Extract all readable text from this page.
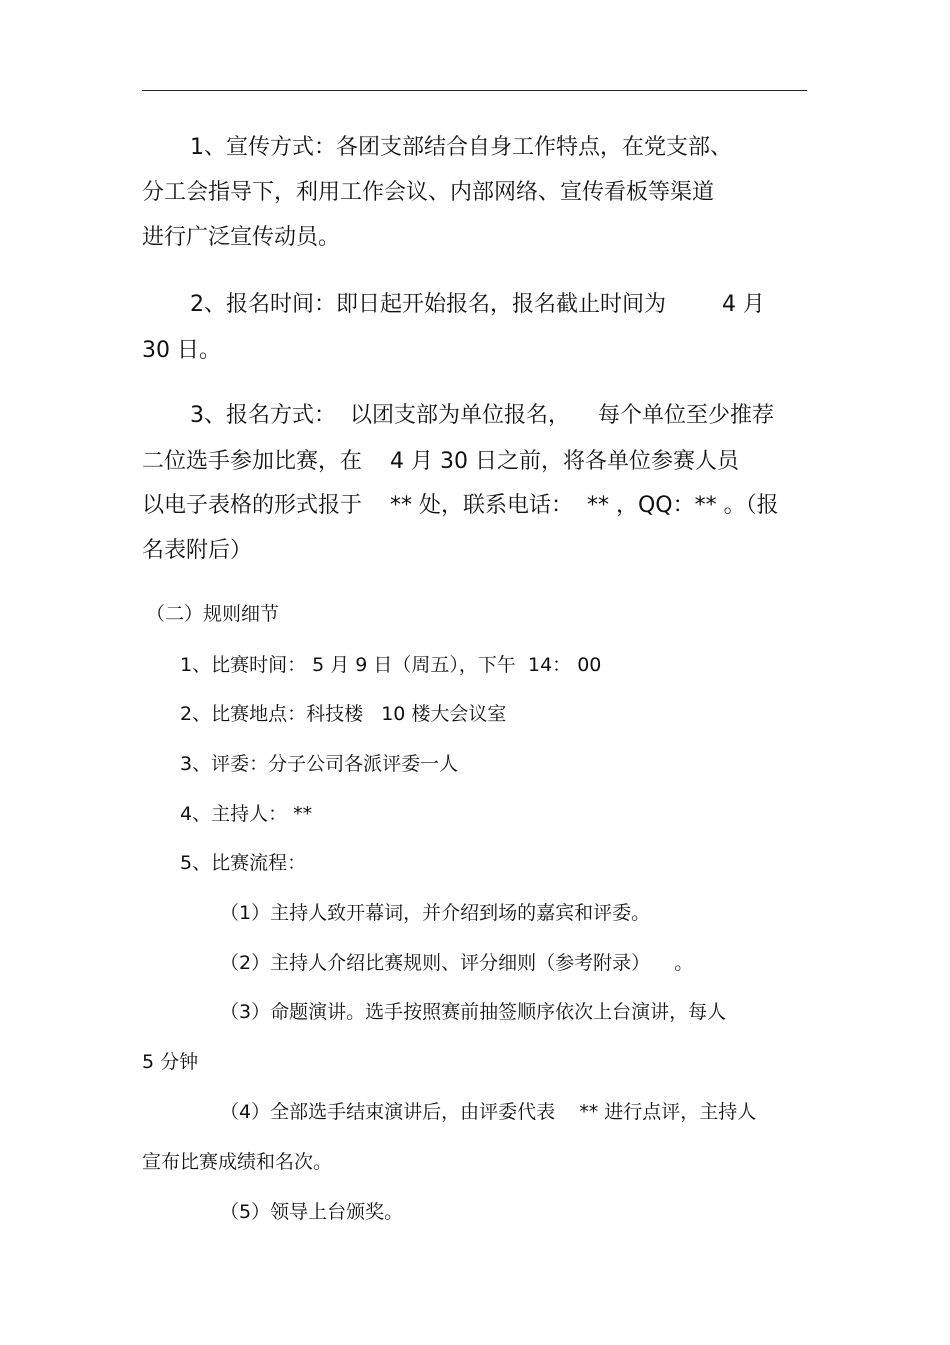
1、宣传方式：各团支部结合自身工作特点，在党支部、
分工会指导下，利用工作会议、内部网络、宣传看板等渠道
进行广泛宣传动员。
2、报名时间：即日起开始报名，报名截止时间为        4 月
30 日。
3、报名方式：  以团支部为单位报名，    每个单位至少推荐
二位选手参加比赛，在    4 月 30 日之前，将各单位参赛人员
以电子表格的形式报于    ** 处，联系电话：  ** ，QQ：** 。（报
名表附后）
（二）规则细节
1、比赛时间： 5 月 9 日（周五），下午  14： 00
2、比赛地点：科技楼   10 楼大会议室
3、评委：分子公司各派评委一人
4、主持人： **
5、比赛流程：
（1）主持人致开幕词，并介绍到场的嘉宾和评委。
（2）主持人介绍比赛规则、评分细则（参考附录）    。
（3）命题演讲。选手按照赛前抽签顺序依次上台演讲，每人
5 分钟
（4）全部选手结束演讲后，由评委代表    ** 进行点评，主持人
宣布比赛成绩和名次。
（5）领导上台颁奖。
